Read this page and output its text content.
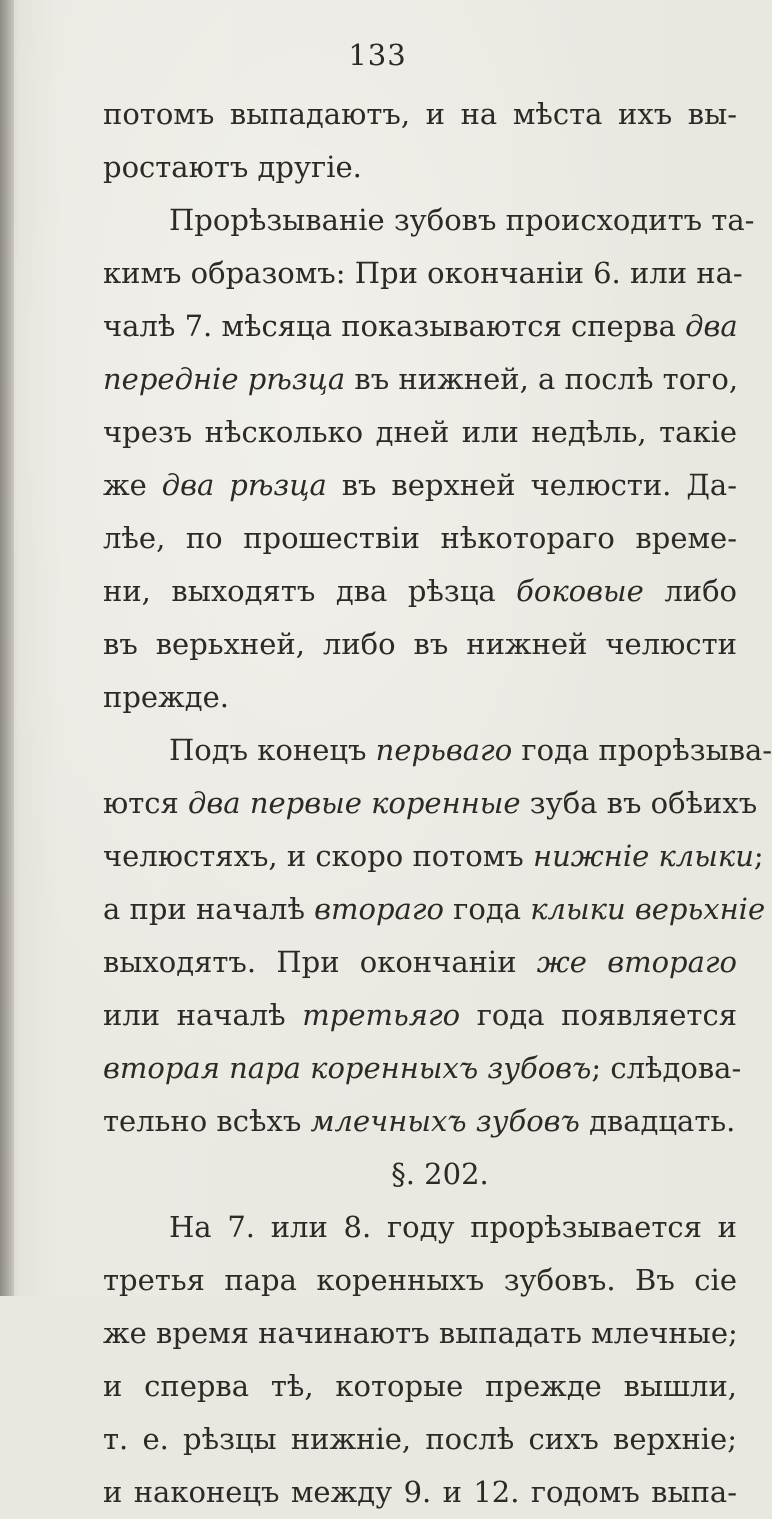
133
потомъ выпадаютъ, и на мѣста ихъ вы-
ростаютъ другіе.
Прорѣзываніе зубовъ происходитъ та-
кимъ образомъ: При окончаніи 6. или на-
чалѣ 7. мѣсяца показываются сперва два
передніе рѣзца въ нижней, а послѣ того,
чрезъ нѣсколько дней или недѣль, такіе
же два рѣзца въ верхней челюсти. Да-
лѣе, по прошествіи нѣкотораго време-
ни, выходятъ два рѣзца боковые либо
въ верьхней, либо въ нижней челюсти
прежде.
Подъ конецъ перьвагo года прорѣзыва-
ются два первые коренные зуба въ обѣихъ
челюстяхъ, и скоро потомъ нижніе клыки;
а при началѣ втораго года клыки верьхніе
выходятъ. При окончаніи же втораго
или началѣ третьяго года появляется
вторая пара коренныхъ зубовъ; слѣдова-
тельно всѣхъ млечныхъ зубовъ двадцать.
§. 202.
На 7. или 8. году прорѣзывается и
третья пара коренныхъ зубовъ. Въ сіе
же время начинаютъ выпадать млечные;
и сперва тѣ, которые прежде вышли,
т. е. рѣзцы нижніе, послѣ сихъ верхніе;
и наконецъ между 9. и 12. годомъ выпа-
